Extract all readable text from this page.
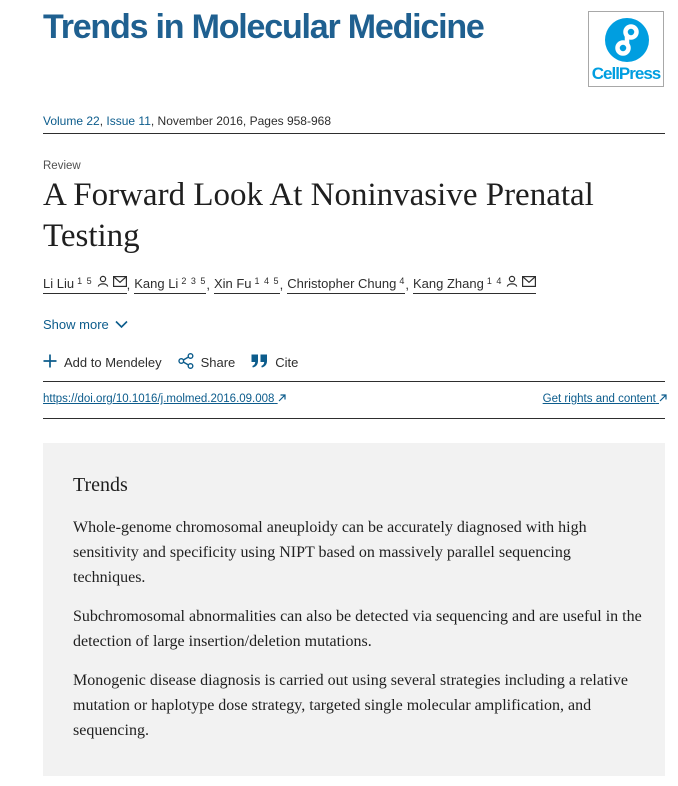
Trends in Molecular Medicine
CellPress
Volume 22, Issue 11, November 2016, Pages 958-968
Review
A Forward Look At Noninvasive Prenatal Testing
Li Liu $^{1 5}$	, Kang Li $^{2 3 5}$ , Xin Fu $^{1 4 5}$ , Christopher Chung $^4$ , Kang Zhang $^{1 4}$
Show more
Add to Mendeley	Share	Cite
https://doi.org/10.1016/j.molmed.2016.09.008	Get rights and content
Trends

Whole-genome chromosomal aneuploidy can be accurately diagnosed with high sensitivity and specificity using NIPT based on massively parallel sequencing techniques.

Subchromosomal abnormalities can also be detected via sequencing and are useful in the detection of large insertion/deletion mutations.

Monogenic disease diagnosis is carried out using several strategies including a relative mutation or haplotype dose strategy, targeted single molecular amplification, and sequencing.
